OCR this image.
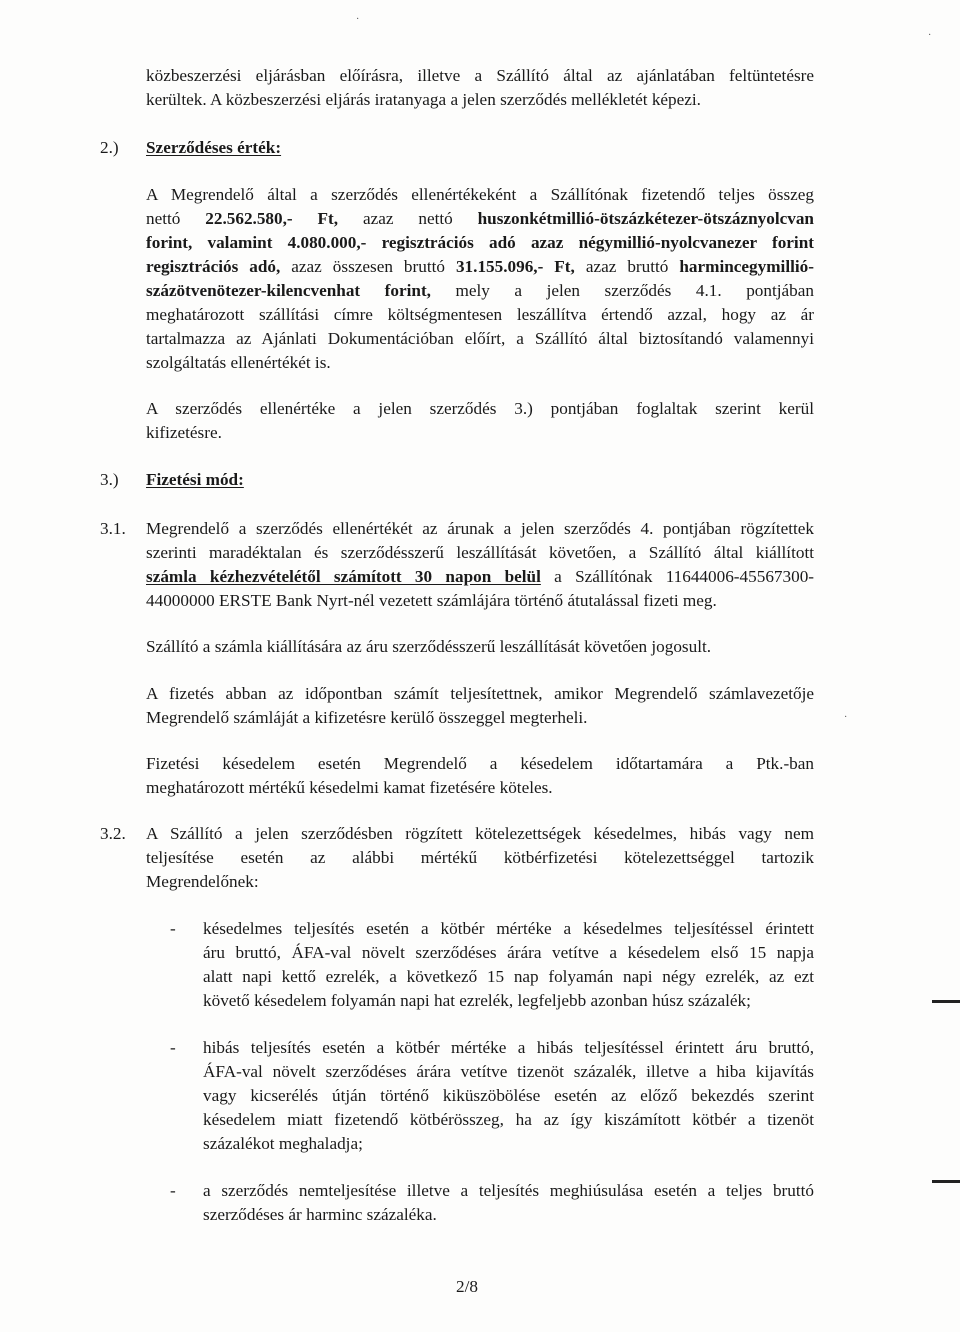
közbeszerzési eljárásban előírásra, illetve a Szállító által az ajánlatában feltüntetésre
kerültek. A közbeszerzési eljárás iratanyaga a jelen szerződés mellékletét képezi.
2.) Szerződéses érték:
A Megrendelő által a szerződés ellenértékeként a Szállítónak fizetendő teljes összeg
nettó 22.562.580,- Ft, azaz nettó huszonkétmillió-ötszázkétezer-ötszáznyolcvan
forint, valamint 4.080.000,- regisztrációs adó azaz négymillió-nyolcvanezer forint
regisztrációs adó, azaz összesen bruttó 31.155.096,- Ft, azaz bruttó harmincegymillió-
százötvenötezer-kilencvenhat forint, mely a jelen szerződés 4.1. pontjában
meghatározott szállítási címre költségmentesen leszállítva értendő azzal, hogy az ár
tartalmazza az Ajánlati Dokumentációban előírt, a Szállító által biztosítandó valamennyi
szolgáltatás ellenértékét is.
A szerződés ellenértéke a jelen szerződés 3.) pontjában foglaltak szerint kerül
kifizetésre.
3.) Fizetési mód:
3.1. Megrendelő a szerződés ellenértékét az árunak a jelen szerződés 4. pontjában rögzítettek
szerinti maradéktalan és szerződésszerű leszállítását követően, a Szállító által kiállított
számla kézhezvételétől számított 30 napon belül a Szállítónak 11644006-45567300-
44000000 ERSTE Bank Nyrt-nél vezetett számlájára történő átutalással fizeti meg.
Szállító a számla kiállítására az áru szerződésszerű leszállítását követően jogosult.
A fizetés abban az időpontban számít teljesítettnek, amikor Megrendelő számlavezetője
Megrendelő számláját a kifizetésre kerülő összeggel megterheli.
Fizetési késedelem esetén Megrendelő a késedelem időtartamára a Ptk.-ban
meghatározott mértékű késedelmi kamat fizetésére köteles.
3.2. A Szállító a jelen szerződésben rögzített kötelezettségek késedelmes, hibás vagy nem
teljesítése esetén az alábbi mértékű kötbérfizetési kötelezettséggel tartozik
Megrendelőnek:
- késedelmes teljesítés esetén a kötbér mértéke a késedelmes teljesítéssel érintett
áru bruttó, ÁFA-val növelt szerződéses árára vetítve a késedelem első 15 napja
alatt napi kettő ezrelék, a következő 15 nap folyamán napi négy ezrelék, az ezt
követő késedelem folyamán napi hat ezrelék, legfeljebb azonban húsz százalék;
- hibás teljesítés esetén a kötbér mértéke a hibás teljesítéssel érintett áru bruttó,
ÁFA-val növelt szerződéses árára vetítve tizenöt százalék, illetve a hiba kijavítás
vagy kicserélés útján történő kiküszöbölése esetén az előző bekezdés szerint
késedelem miatt fizetendő kötbérösszeg, ha az így kiszámított kötbér a tizenöt
százalékot meghaladja;
- a szerződés nemteljesítése illetve a teljesítés meghiúsulása esetén a teljes bruttó
szerződéses ár harminc százaléka.
2/8
·
·
·
